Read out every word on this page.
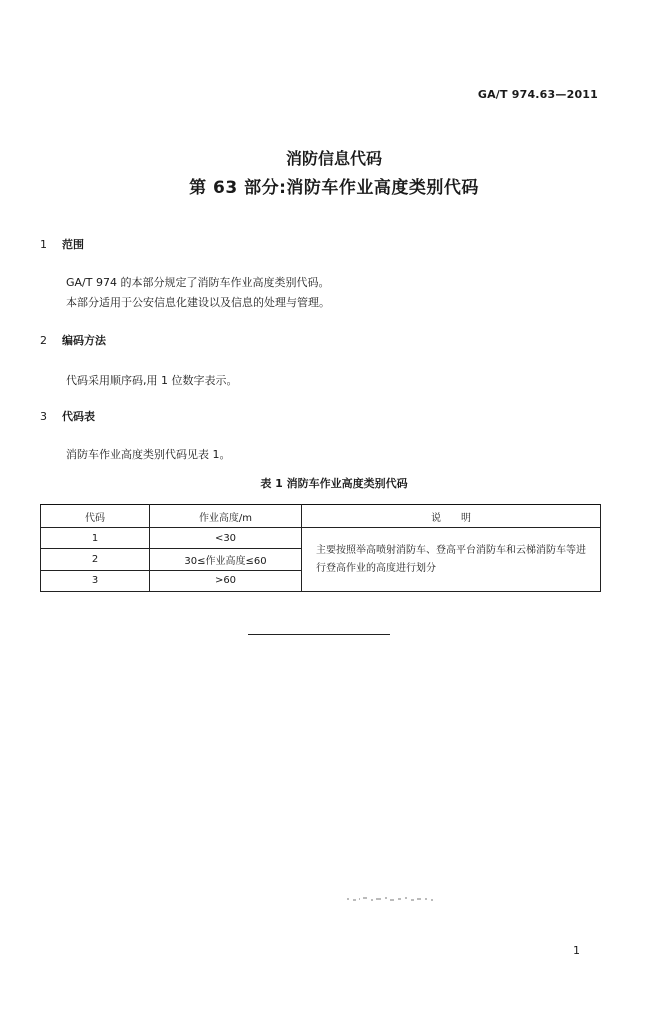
GA/T 974.63—2011
消防信息代码
第 63 部分:消防车作业高度类别代码
1 范围
GA/T 974 的本部分规定了消防车作业高度类别代码。
本部分适用于公安信息化建设以及信息的处理与管理。
2 编码方法
代码采用顺序码,用 1 位数字表示。
3 代码表
消防车作业高度类别代码见表 1。
表 1 消防车作业高度类别代码
代码	作业高度/m	说　　明
1	<30	主要按照举高喷射消防车、登高平台消防车和云梯消防车等进行登高作业的高度进行划分
2	30≤作业高度≤60	
3	>60	
1
